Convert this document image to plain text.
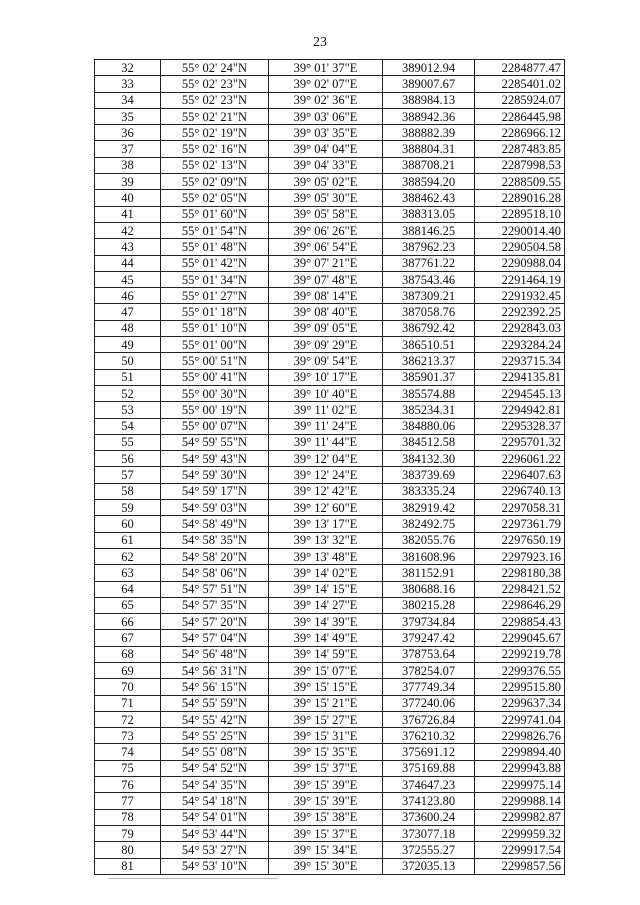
23
32	55° 02' 24"N	39° 01' 37"E	389012.94	2284877.47
33	55° 02' 23"N	39° 02' 07"E	389007.67	2285401.02
34	55° 02' 23"N	39° 02' 36"E	388984.13	2285924.07
35	55° 02' 21"N	39° 03' 06"E	388942.36	2286445.98
36	55° 02' 19"N	39° 03' 35"E	388882.39	2286966.12
37	55° 02' 16"N	39° 04' 04"E	388804.31	2287483.85
38	55° 02' 13"N	39° 04' 33"E	388708.21	2287998.53
39	55° 02' 09"N	39° 05' 02"E	388594.20	2288509.55
40	55° 02' 05"N	39° 05' 30"E	388462.43	2289016.28
41	55° 01' 60"N	39° 05' 58"E	388313.05	2289518.10
42	55° 01' 54"N	39° 06' 26"E	388146.25	2290014.40
43	55° 01' 48"N	39° 06' 54"E	387962.23	2290504.58
44	55° 01' 42"N	39° 07' 21"E	387761.22	2290988.04
45	55° 01' 34"N	39° 07' 48"E	387543.46	2291464.19
46	55° 01' 27"N	39° 08' 14"E	387309.21	2291932.45
47	55° 01' 18"N	39° 08' 40"E	387058.76	2292392.25
48	55° 01' 10"N	39° 09' 05"E	386792.42	2292843.03
49	55° 01' 00"N	39° 09' 29"E	386510.51	2293284.24
50	55° 00' 51"N	39° 09' 54"E	386213.37	2293715.34
51	55° 00' 41"N	39° 10' 17"E	385901.37	2294135.81
52	55° 00' 30"N	39° 10' 40"E	385574.88	2294545.13
53	55° 00' 19"N	39° 11' 02"E	385234.31	2294942.81
54	55° 00' 07"N	39° 11' 24"E	384880.06	2295328.37
55	54° 59' 55"N	39° 11' 44"E	384512.58	2295701.32
56	54° 59' 43"N	39° 12' 04"E	384132.30	2296061.22
57	54° 59' 30"N	39° 12' 24"E	383739.69	2296407.63
58	54° 59' 17"N	39° 12' 42"E	383335.24	2296740.13
59	54° 59' 03"N	39° 12' 60"E	382919.42	2297058.31
60	54° 58' 49"N	39° 13' 17"E	382492.75	2297361.79
61	54° 58' 35"N	39° 13' 32"E	382055.76	2297650.19
62	54° 58' 20"N	39° 13' 48"E	381608.96	2297923.16
63	54° 58' 06"N	39° 14' 02"E	381152.91	2298180.38
64	54° 57' 51"N	39° 14' 15"E	380688.16	2298421.52
65	54° 57' 35"N	39° 14' 27"E	380215.28	2298646.29
66	54° 57' 20"N	39° 14' 39"E	379734.84	2298854.43
67	54° 57' 04"N	39° 14' 49"E	379247.42	2299045.67
68	54° 56' 48"N	39° 14' 59"E	378753.64	2299219.78
69	54° 56' 31"N	39° 15' 07"E	378254.07	2299376.55
70	54° 56' 15"N	39° 15' 15"E	377749.34	2299515.80
71	54° 55' 59"N	39° 15' 21"E	377240.06	2299637.34
72	54° 55' 42"N	39° 15' 27"E	376726.84	2299741.04
73	54° 55' 25"N	39° 15' 31"E	376210.32	2299826.76
74	54° 55' 08"N	39° 15' 35"E	375691.12	2299894.40
75	54° 54' 52"N	39° 15' 37"E	375169.88	2299943.88
76	54° 54' 35"N	39° 15' 39"E	374647.23	2299975.14
77	54° 54' 18"N	39° 15' 39"E	374123.80	2299988.14
78	54° 54' 01"N	39° 15' 38"E	373600.24	2299982.87
79	54° 53' 44"N	39° 15' 37"E	373077.18	2299959.32
80	54° 53' 27"N	39° 15' 34"E	372555.27	2299917.54
81	54° 53' 10"N	39° 15' 30"E	372035.13	2299857.56
